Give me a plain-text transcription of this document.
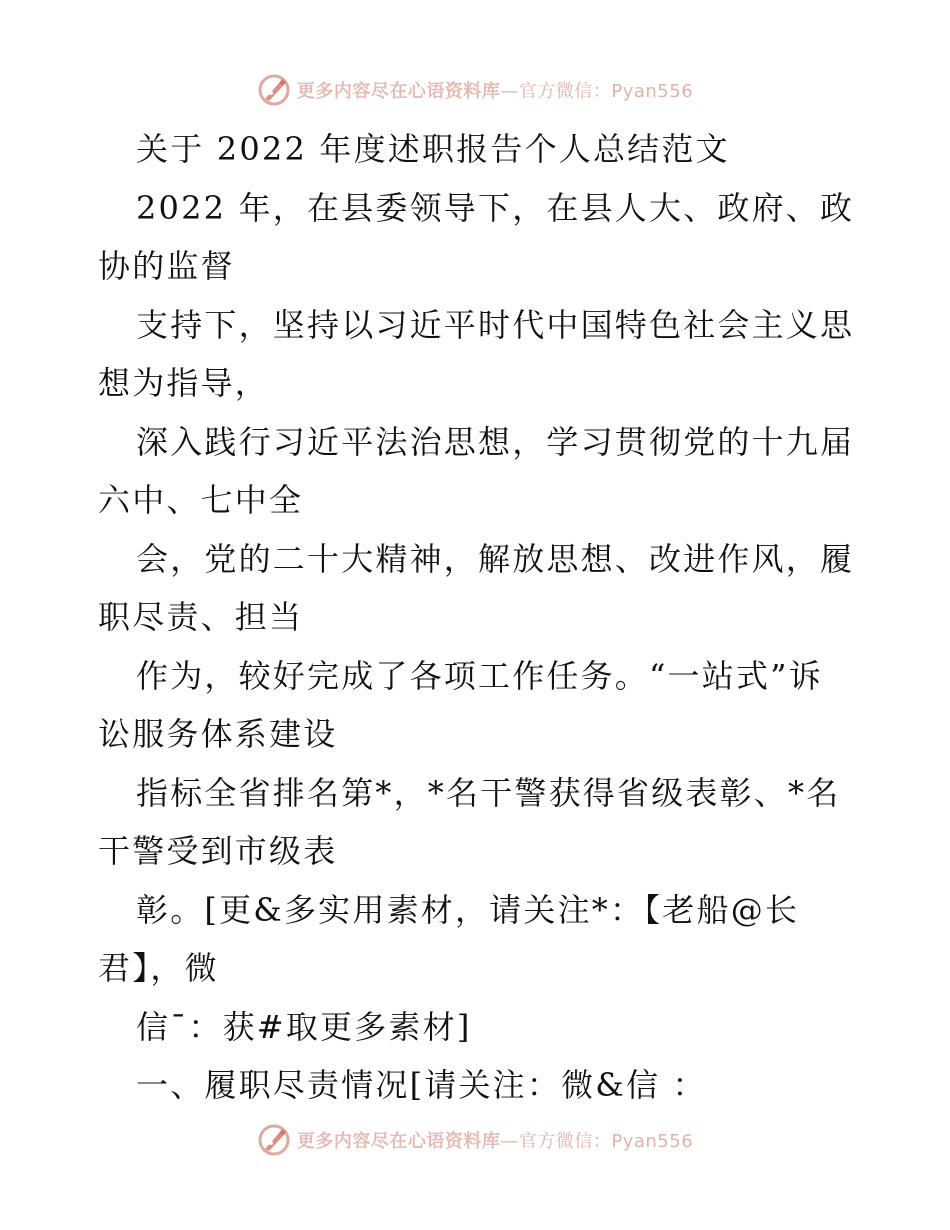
更多内容尽在心语资料库—官方微信：Pyan556
关于 2022 年度述职报告个人总结范文
2022 年，在县委领导下，在县人大、政府、政
协的监督
支持下，坚持以习近平时代中国特色社会主义思
想为指导，
深入践行习近平法治思想，学习贯彻党的十九届
六中、七中全
会，党的二十大精神，解放思想、改进作风，履
职尽责、担当
作为，较好完成了各项工作任务。“一站式”诉
讼服务体系建设
指标全省排名第*，*名干警获得省级表彰、*名
干警受到市级表
彰。[更&多实用素材，请关注*：【老船@长
君】，微
信¯：获#取更多素材]
一、履职尽责情况[请关注：微&信 ：
更多内容尽在心语资料库—官方微信：Pyan556
